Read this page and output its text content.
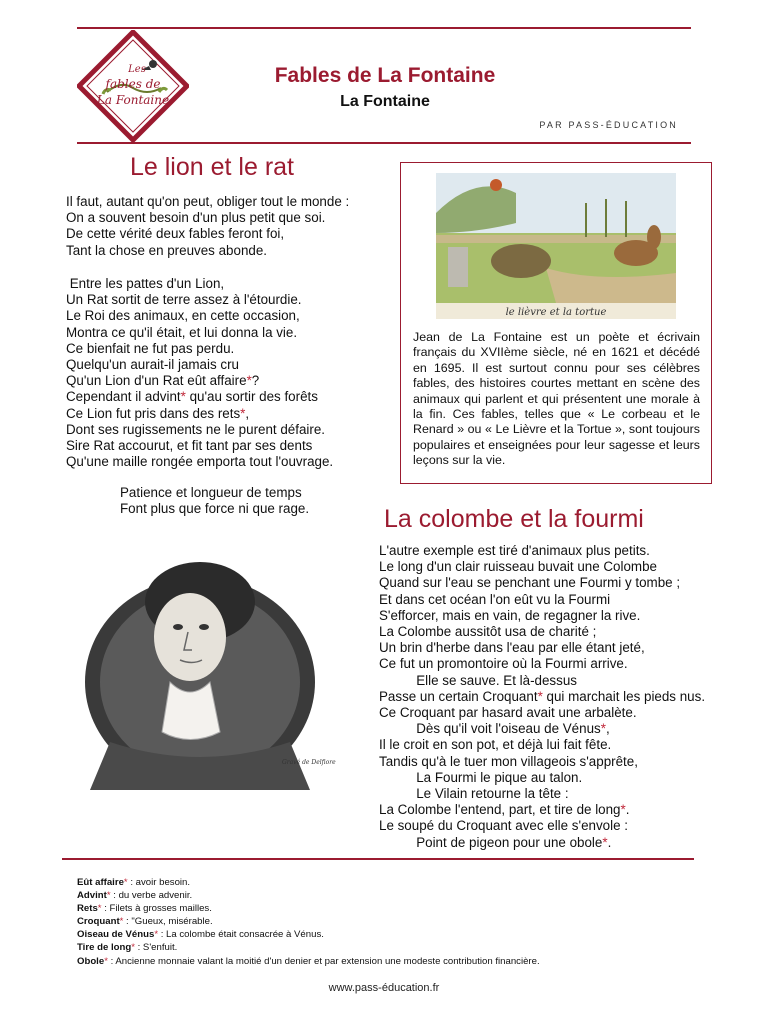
Les
fables de
La Fontaine
Fables de La Fontaine
La Fontaine
PAR PASS-ÉDUCATION
Le lion et le rat
Il faut, autant qu'on peut, obliger tout le monde :
On a souvent besoin d'un plus petit que soi.
De cette vérité deux fables feront foi,
Tant la chose en preuves abonde.
Entre les pattes d'un Lion,
Un Rat sortit de terre assez à l'étourdie.
Le Roi des animaux, en cette occasion,
Montra ce qu'il était, et lui donna la vie.
Ce bienfait ne fut pas perdu.
Quelqu'un aurait-il jamais cru
Qu'un Lion d'un Rat eût affaire*?
Cependant il advint* qu'au sortir des forêts
Ce Lion fut pris dans des rets*,
Dont ses rugissements ne le purent défaire.
Sire Rat accourut, et fit tant par ses dents
Qu'une maille rongée emporta tout l'ouvrage.
Patience et longueur de temps
Font plus que force ni que rage.
le lièvre et la tortue

Jean de La Fontaine est un poète et écrivain français du XVIIème siècle, né en 1621 et décédé en 1695. Il est surtout connu pour ses célèbres fables, des histoires courtes mettant en scène des animaux qui parlent et qui présentent une morale à la fin. Ces fables, telles que « Le corbeau et le Renard » ou « Le Lièvre et la Tortue », sont toujours populaires et enseignées pour leur sagesse et leurs leçons sur la vie.

La colombe et la fourmi
Gravé de Delfiore
L'autre exemple est tiré d'animaux plus petits.
Le long d'un clair ruisseau buvait une Colombe
Quand sur l'eau se penchant une Fourmi y tombe ;
Et dans cet océan l'on eût vu la Fourmi
S'efforcer, mais en vain, de regagner la rive.
La Colombe aussitôt usa de charité ;
Un brin d'herbe dans l'eau par elle étant jeté,
Ce fut un promontoire où la Fourmi arrive.
Elle se sauve. Et là-dessus
Passe un certain Croquant* qui marchait les pieds nus.
Ce Croquant par hasard avait une arbalète.
Dès qu'il voit l'oiseau de Vénus*,
Il le croit en son pot, et déjà lui fait fête.
Tandis qu'à le tuer mon villageois s'apprête,
La Fourmi le pique au talon.
Le Vilain retourne la tête :
La Colombe l'entend, part, et tire de long*.
Le soupé du Croquant avec elle s'envole :
Point de pigeon pour une obole*.
Eût affaire* : avoir besoin.
Advint* : du verbe advenir.
Rets* : Filets à grosses mailles.
Croquant* : "Gueux, misérable.
Oiseau de Vénus* : La colombe était consacrée à Vénus.
Tire de long* : S'enfuit.
Obole* : Ancienne monnaie valant la moitié d'un denier et par extension une modeste contribution financière.
www.pass-éducation.fr
